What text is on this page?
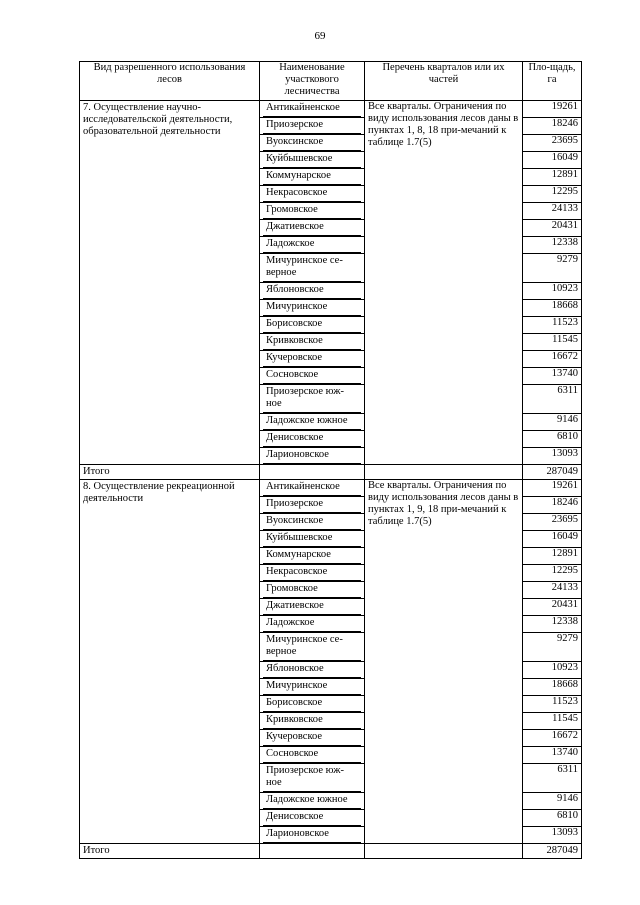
69
Вид разрешенного использования лесов	Наименование участкового лесничества	Перечень кварталов или их частей	Пло-щадь, га
7. Осуществление научно-исследовательской деятельности, образовательной деятельности	Антикайненское	Все кварталы. Ограничения по виду использования лесов даны в пунктах 1, 8, 18 при-мечаний к таблице 1.7(5)	19261

	Приозерское		18246

	Вуоксинское		23695

	Куйбышевское		16049

	Коммунарское		12891

	Некрасовское		12295

	Громовское		24133

	Джатиевское		20431

	Ладожское		12338

	Мичуринское се-верное		9279

	Яблоновское		10923

	Мичуринское		18668

	Борисовское		11523

	Кривковское		11545

	Кучеровское		16672

	Сосновское		13740

	Приозерское юж-ное		6311

	Ладожское южное		9146

	Денисовское		6810

	Ларионовское		13093
Итого			287049
8. Осуществление рекреационной деятельности	Антикайненское	Все кварталы. Ограничения по виду использования лесов даны в пунктах 1, 9, 18 при-мечаний к таблице 1.7(5)	19261

	Приозерское		18246

	Вуоксинское		23695

	Куйбышевское		16049

	Коммунарское		12891

	Некрасовское		12295

	Громовское		24133

	Джатиевское		20431

	Ладожское		12338

	Мичуринское се-верное		9279

	Яблоновское		10923

	Мичуринское		18668

	Борисовское		11523

	Кривковское		11545

	Кучеровское		16672

	Сосновское		13740

	Приозерское юж-ное		6311

	Ладожское южное		9146

	Денисовское		6810

	Ларионовское		13093
Итого			287049
